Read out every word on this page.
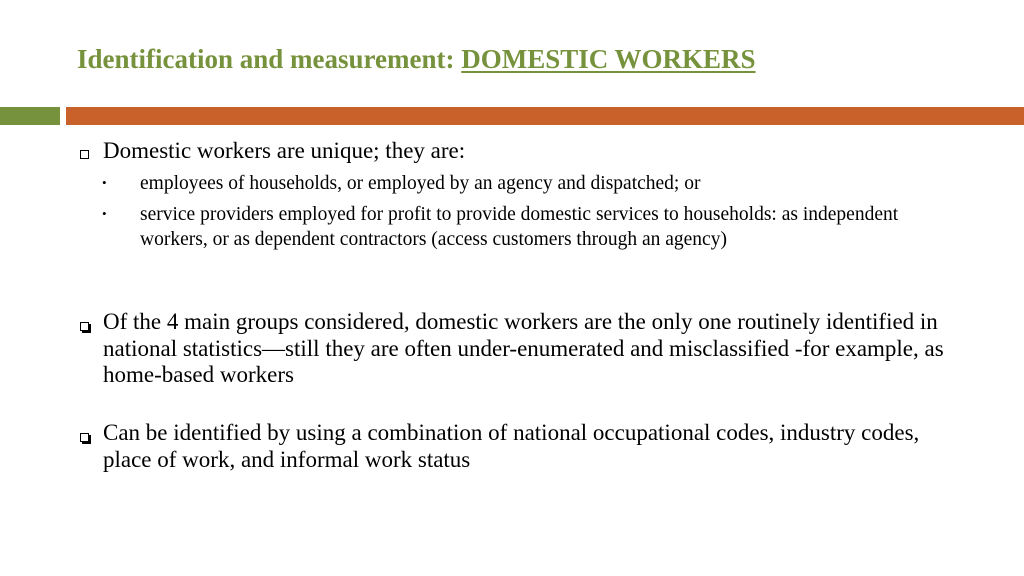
Identification and measurement: DOMESTIC WORKERS
Domestic workers are unique; they are:
• employees of households, or employed by an agency and dispatched; or
• service providers employed for profit to provide domestic services to households: as independent workers, or as dependent contractors (access customers through an agency)
Of the 4 main groups considered, domestic workers are the only one routinely identified in national statistics—still they are often under-enumerated and misclassified -for example, as home-based workers
Can be identified by using a combination of national occupational codes, industry codes, place of work, and informal work status
